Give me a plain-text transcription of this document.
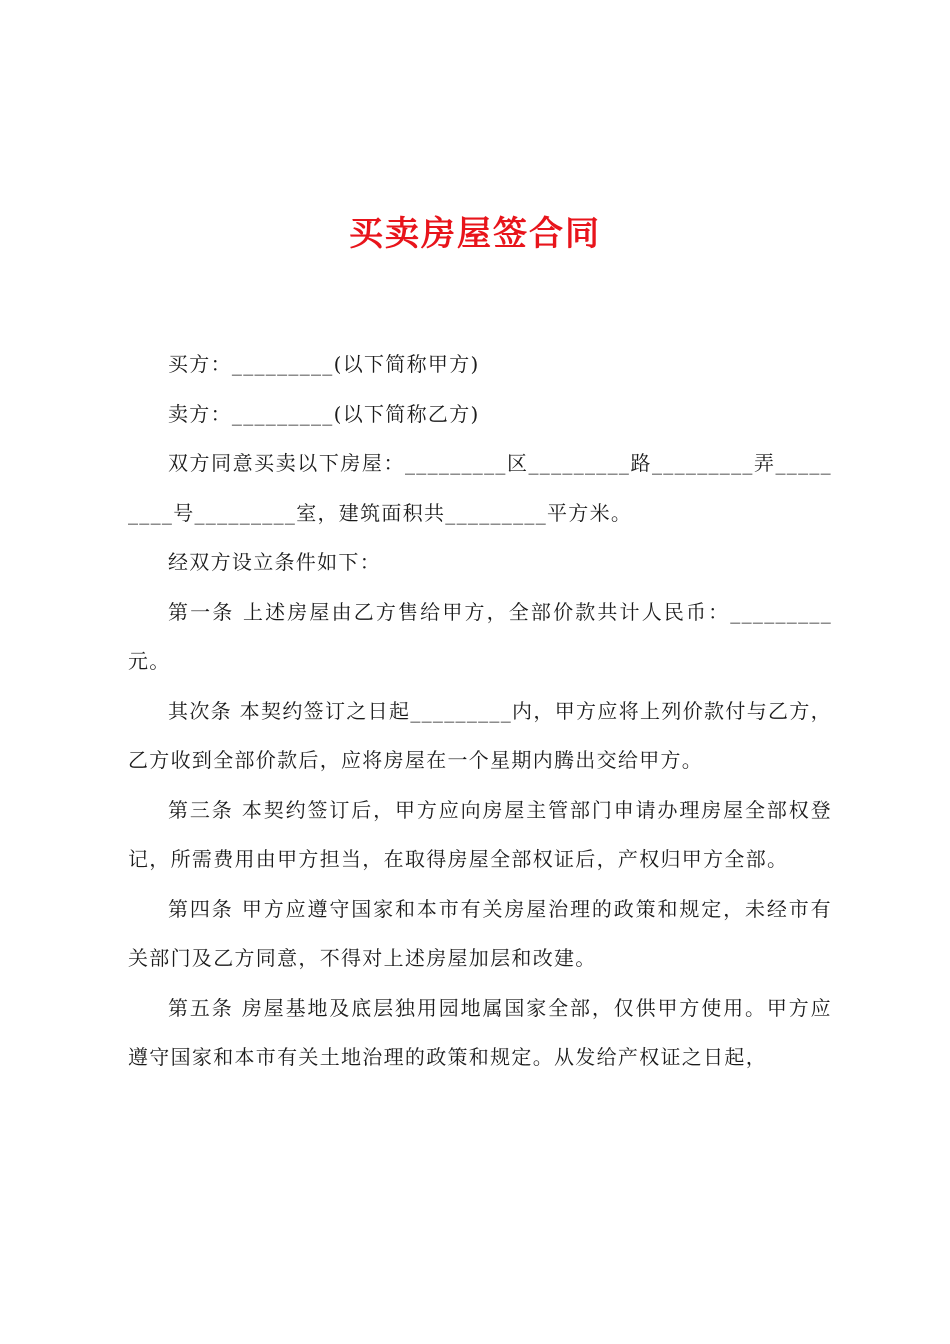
买卖房屋签合同

买方：_________(以下简称甲方)

卖方：_________(以下简称乙方)

双方同意买卖以下房屋：_________区_________路_________弄_________号_________室，建筑面积共_________平方米。

经双方设立条件如下：

第一条 上述房屋由乙方售给甲方，全部价款共计人民币：_________元。

其次条 本契约签订之日起_________内，甲方应将上列价款付与乙方，乙方收到全部价款后，应将房屋在一个星期内腾出交给甲方。

第三条 本契约签订后，甲方应向房屋主管部门申请办理房屋全部权登记，所需费用由甲方担当，在取得房屋全部权证后，产权归甲方全部。

第四条 甲方应遵守国家和本市有关房屋治理的政策和规定，未经市有关部门及乙方同意，不得对上述房屋加层和改建。

第五条 房屋基地及底层独用园地属国家全部，仅供甲方使用。甲方应遵守国家和本市有关土地治理的政策和规定。从发给产权证之日起，
